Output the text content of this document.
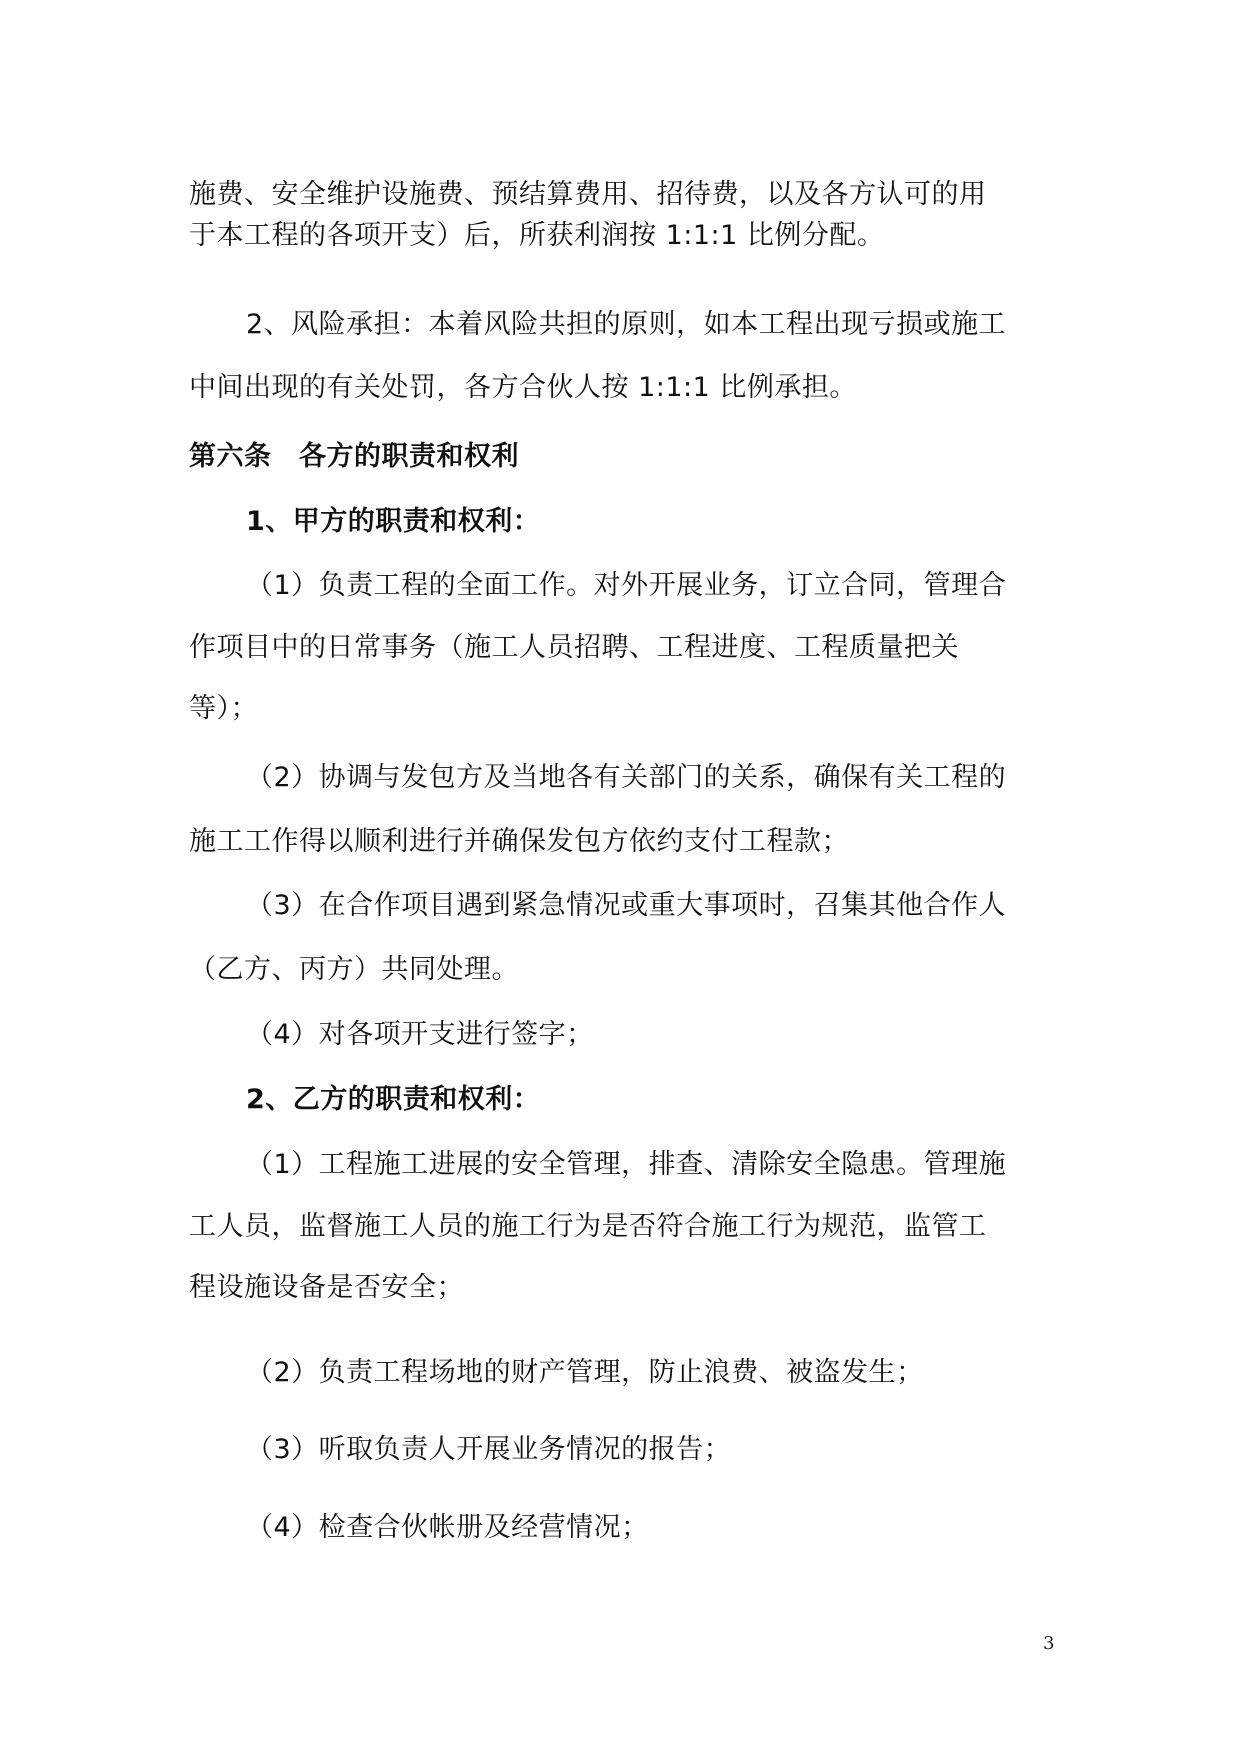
施费、安全维护设施费、预结算费用、招待费，以及各方认可的用
于本工程的各项开支）后，所获利润按 1:1:1 比例分配。
2、风险承担：本着风险共担的原则，如本工程出现亏损或施工
中间出现的有关处罚，各方合伙人按 1:1:1 比例承担。
第六条　各方的职责和权利
1、甲方的职责和权利：
（1）负责工程的全面工作。对外开展业务，订立合同，管理合
作项目中的日常事务（施工人员招聘、工程进度、工程质量把关
等）；
（2）协调与发包方及当地各有关部门的关系，确保有关工程的
施工工作得以顺利进行并确保发包方依约支付工程款；
（3）在合作项目遇到紧急情况或重大事项时，召集其他合作人
（乙方、丙方）共同处理。
（4）对各项开支进行签字；
2、乙方的职责和权利：
（1）工程施工进展的安全管理，排查、清除安全隐患。管理施
工人员，监督施工人员的施工行为是否符合施工行为规范，监管工
程设施设备是否安全；
（2）负责工程场地的财产管理，防止浪费、被盗发生；
（3）听取负责人开展业务情况的报告；
（4）检查合伙帐册及经营情况；
3
